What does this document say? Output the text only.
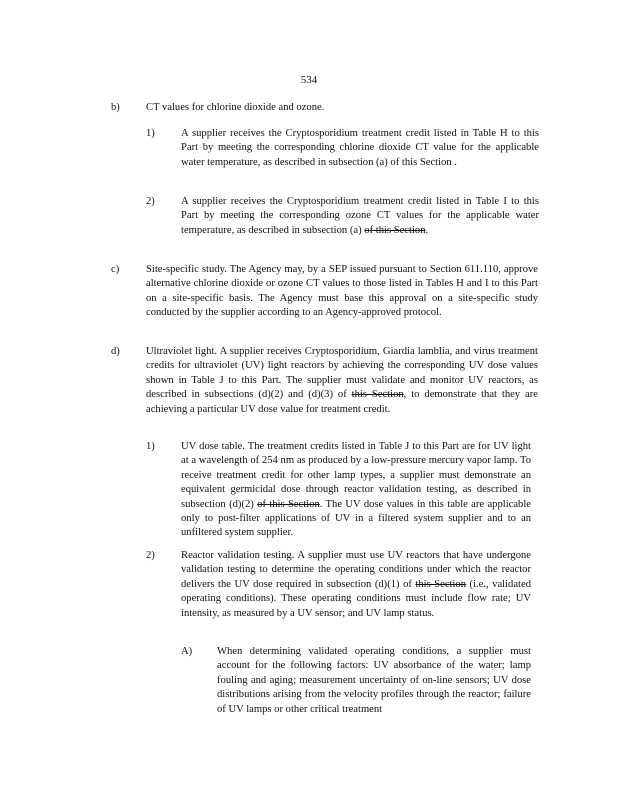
534
b) CT values for chlorine dioxide and ozone.
1) A supplier receives the Cryptosporidium treatment credit listed in Table H to this Part by meeting the corresponding chlorine dioxide CT value for the applicable water temperature, as described in subsection (a) of this Section .
2) A supplier receives the Cryptosporidium treatment credit listed in Table I to this Part by meeting the corresponding ozone CT values for the applicable water temperature, as described in subsection (a) of this Section.
c)	Site-specific study. The Agency may, by a SEP issued pursuant to Section 611.110, approve alternative chlorine dioxide or ozone CT values to those listed in Tables H and I to this Part on a site-specific basis. The Agency must base this approval on a site-specific study conducted by the supplier according to an Agency-approved protocol.
d) Ultraviolet light. A supplier receives Cryptosporidium, Giardia lamblia, and virus treatment credits for ultraviolet (UV) light reactors by achieving the corresponding UV dose values shown in Table J to this Part. The supplier must validate and monitor UV reactors, as described in subsections (d)(2) and (d)(3) of this Section, to demonstrate that they are achieving a particular UV dose value for treatment credit.
1) UV dose table. The treatment credits listed in Table J to this Part are for UV light at a wavelength of 254 nm as produced by a low-pressure mercury vapor lamp. To receive treatment credit for other lamp types, a supplier must demonstrate an equivalent germicidal dose through reactor validation testing, as described in subsection (d)(2) of this Section. The UV dose values in this table are applicable only to post-filter applications of UV in a filtered system supplier and to an unfiltered system supplier.
2) Reactor validation testing. A supplier must use UV reactors that have undergone validation testing to determine the operating conditions under which the reactor delivers the UV dose required in subsection (d)(1) of this Section (i.e., validated operating conditions). These operating conditions must include flow rate; UV intensity, as measured by a UV sensor; and UV lamp status.
A) When determining validated operating conditions, a supplier must account for the following factors: UV absorbance of the water; lamp fouling and aging; measurement uncertainty of on-line sensors; UV dose distributions arising from the velocity profiles through the reactor; failure of UV lamps or other critical treatment
